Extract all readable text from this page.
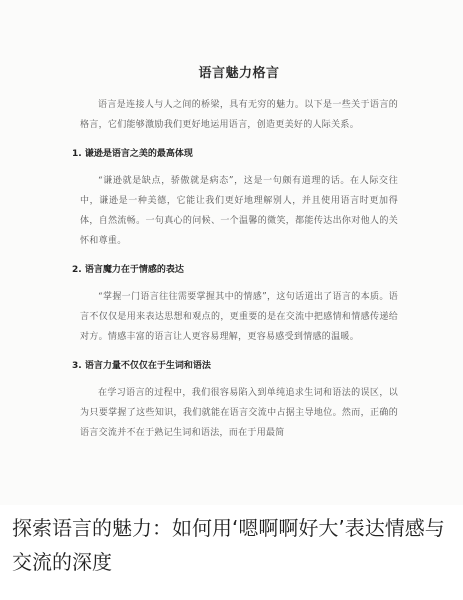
语言魅力格言

语言是连接人与人之间的桥梁，具有无穷的魅力。以下是一些关于语言的格言，它们能够激励我们更好地运用语言，创造更美好的人际关系。

1. 谦逊是语言之美的最高体现

“谦逊就是缺点，骄傲就是病态”，这是一句颇有道理的话。在人际交往中，谦逊是一种美德，它能让我们更好地理解别人，并且使用语言时更加得体，自然流畅。一句真心的问候、一个温馨的微笑，都能传达出你对他人的关怀和尊重。

2. 语言魔力在于情感的表达

“掌握一门语言往往需要掌握其中的情感”，这句话道出了语言的本质。语言不仅仅是用来表达思想和观点的，更重要的是在交流中把感情和情感传递给对方。情感丰富的语言让人更容易理解，更容易感受到情感的温暖。

3. 语言力量不仅仅在于生词和语法

在学习语言的过程中，我们很容易陷入到单纯追求生词和语法的误区，以为只要掌握了这些知识，我们就能在语言交流中占据主导地位。然而，正确的语言交流并不在于熟记生词和语法，而在于用最简

探索语言的魅力：如何用‘嗯啊啊好大’表达情感与交流的深度
